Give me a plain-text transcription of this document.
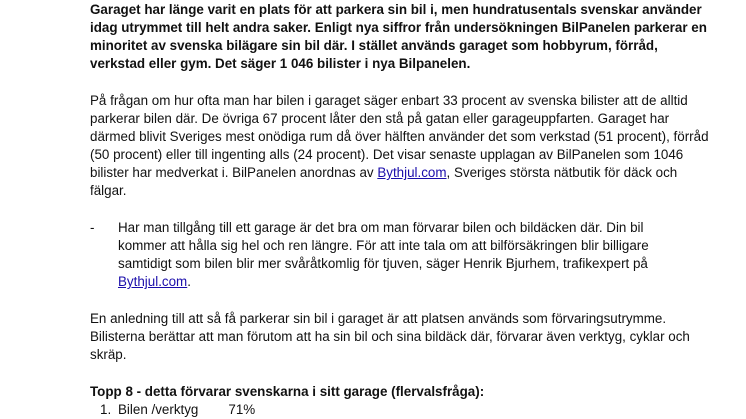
Garaget har länge varit en plats för att parkera sin bil i, men hundratusentals svenskar använder idag utrymmet till helt andra saker. Enligt nya siffror från undersökningen BilPanelen parkerar en minoritet av svenska bilägare sin bil där. I stället används garaget som hobbyrum, förråd, verkstad eller gym. Det säger 1 046 bilister i nya Bilpanelen.

På frågan om hur ofta man har bilen i garaget säger enbart 33 procent av svenska bilister att de alltid parkerar bilen där. De övriga 67 procent låter den stå på gatan eller garageuppfarten. Garaget har därmed blivit Sveriges mest onödiga rum då över hälften använder det som verkstad (51 procent), förråd (50 procent) eller till ingenting alls (24 procent). Det visar senaste upplagan av BilPanelen som 1046 bilister har medverkat i. BilPanelen anordnas av Bythjul.com, Sveriges största nätbutik för däck och fälgar.

- Har man tillgång till ett garage är det bra om man förvarar bilen och bildäcken där. Din bil kommer att hålla sig hel och ren längre. För att inte tala om att bilförsäkringen blir billigare samtidigt som bilen blir mer svåråtkomlig för tjuven, säger Henrik Bjurhem, trafikexpert på Bythjul.com.

En anledning till att så få parkerar sin bil i garaget är att platsen används som förvaringsutrymme. Bilisterna berättar att man förutom att ha sin bil och sina bildäck där, förvarar även verktyg, cyklar och skräp.

Topp 8 - detta förvarar svenskarna i sitt garage (flervalsfråga):

1. Bilen /verktyg 71%
